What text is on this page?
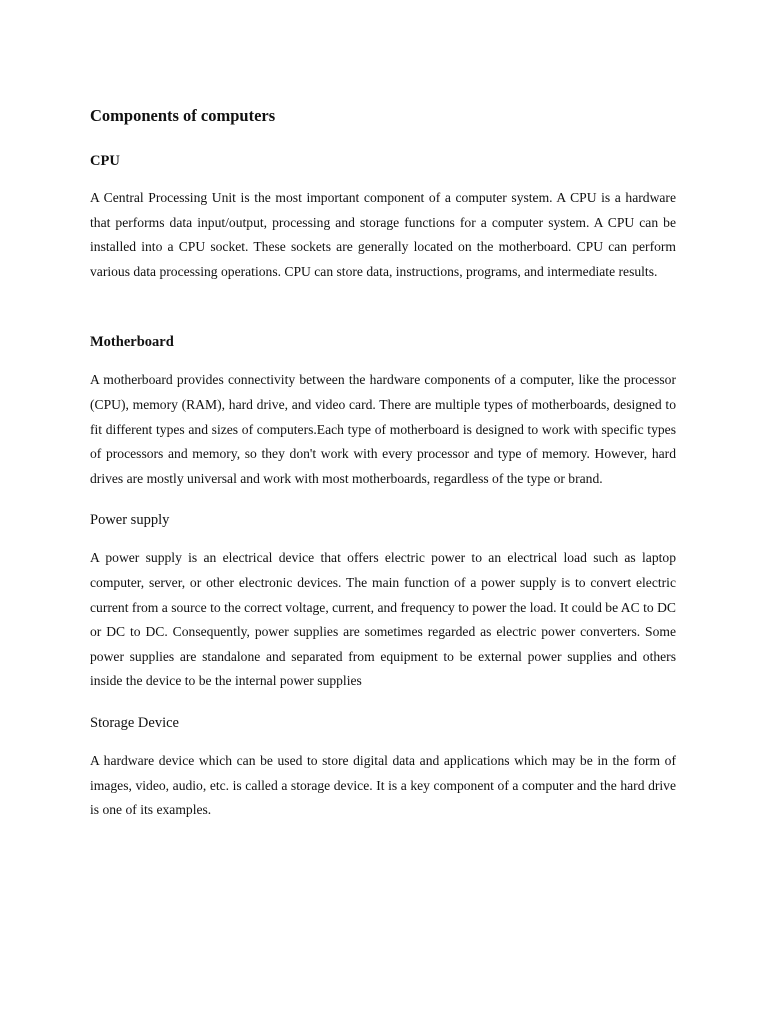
Components of computers
CPU

A Central Processing Unit is the most important component of a computer system. A CPU is a hardware that performs data input/output, processing and storage functions for a computer system. A CPU can be installed into a CPU socket. These sockets are generally located on the motherboard. CPU can perform various data processing operations. CPU can store data, instructions, programs, and intermediate results.

Motherboard

A motherboard provides connectivity between the hardware components of a computer, like the processor (CPU), memory (RAM), hard drive, and video card. There are multiple types of motherboards, designed to fit different types and sizes of computers.Each type of motherboard is designed to work with specific types of processors and memory, so they don't work with every processor and type of memory. However, hard drives are mostly universal and work with most motherboards, regardless of the type or brand.

Power supply

A power supply is an electrical device that offers electric power to an electrical load such as laptop computer, server, or other electronic devices. The main function of a power supply is to convert electric current from a source to the correct voltage, current, and frequency to power the load. It could be AC to DC or DC to DC. Consequently, power supplies are sometimes regarded as electric power converters. Some power supplies are standalone and separated from equipment to be external power supplies and others inside the device to be the internal power supplies

Storage Device

A hardware device which can be used to store digital data and applications which may be in the form of images, video, audio, etc. is called a storage device. It is a key component of a computer and the hard drive is one of its examples.
